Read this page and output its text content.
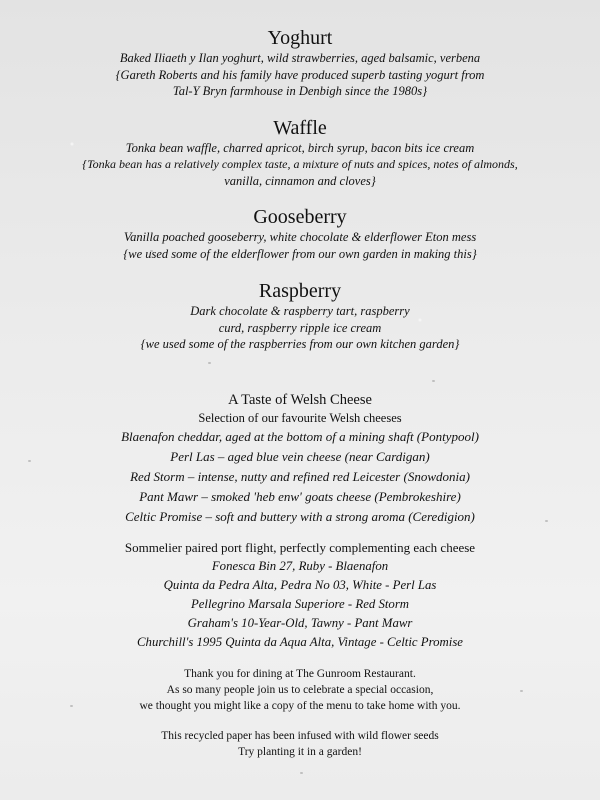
Yoghurt

Baked Iliaeth y Ilan yoghurt, wild strawberries, aged balsamic, verbena

{Gareth Roberts and his family have produced superb tasting yogurt from

Tal-Y Bryn farmhouse in Denbigh since the 1980s}

Waffle

Tonka bean waffle, charred apricot, birch syrup, bacon bits ice cream

{Tonka bean has a relatively complex taste, a mixture of nuts and spices, notes of almonds,

vanilla, cinnamon and cloves}

Gooseberry

Vanilla poached gooseberry, white chocolate & elderflower Eton mess

{we used some of the elderflower from our own garden in making this}

Raspberry

Dark chocolate & raspberry tart, raspberry

curd, raspberry ripple ice cream

{we used some of the raspberries from our own kitchen garden}

A Taste of Welsh Cheese

Selection of our favourite Welsh cheeses

Blaenafon cheddar, aged at the bottom of a mining shaft (Pontypool)

Perl Las – aged blue vein cheese (near Cardigan)

Red Storm – intense, nutty and refined red Leicester (Snowdonia)

Pant Mawr – smoked 'heb enw' goats cheese (Pembrokeshire)

Celtic Promise – soft and buttery with a strong aroma (Ceredigion)

Sommelier paired port flight, perfectly complementing each cheese

Fonesca Bin 27, Ruby - Blaenafon

Quinta da Pedra Alta, Pedra No 03, White - Perl Las

Pellegrino Marsala Superiore - Red Storm

Graham's 10-Year-Old, Tawny - Pant Mawr

Churchill's 1995 Quinta da Aqua Alta, Vintage - Celtic Promise

Thank you for dining at The Gunroom Restaurant.

As so many people join us to celebrate a special occasion,

we thought you might like a copy of the menu to take home with you.

This recycled paper has been infused with wild flower seeds

Try planting it in a garden!
